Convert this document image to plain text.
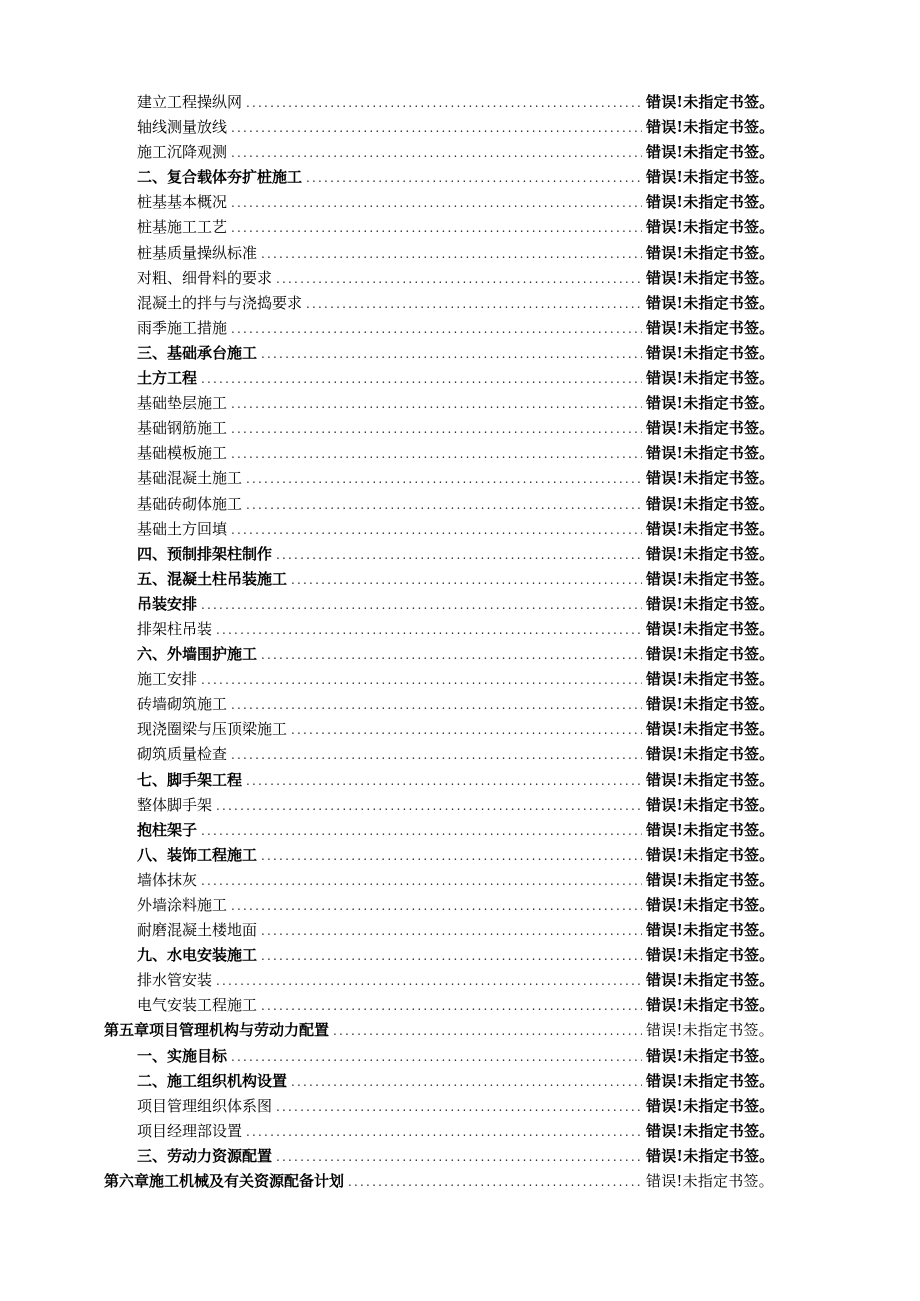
建立工程操纵网 .....	错误!未指定书签。
轴线测量放线 .....	错误!未指定书签。
施工沉降观测 .....	错误!未指定书签。
二、复合载体夯扩桩施工 .....	错误!未指定书签。
桩基基本概况 .....	错误!未指定书签。
桩基施工工艺 .....	错误!未指定书签。
桩基质量操纵标准 .....	错误!未指定书签。
对粗、细骨料的要求 .....	错误!未指定书签。
混凝土的拌与与浇捣要求 .....	错误!未指定书签。
雨季施工措施 .....	错误!未指定书签。
三、基础承台施工 .....	错误!未指定书签。
土方工程 .....	错误!未指定书签。
基础垫层施工 .....	错误!未指定书签。
基础钢筋施工 .....	错误!未指定书签。
基础模板施工 .....	错误!未指定书签。
基础混凝土施工 .....	错误!未指定书签。
基础砖砌体施工 .....	错误!未指定书签。
基础土方回填 .....	错误!未指定书签。
四、预制排架柱制作 .....	错误!未指定书签。
五、混凝土柱吊装施工 .....	错误!未指定书签。
吊装安排 .....	错误!未指定书签。
排架柱吊装 .....	错误!未指定书签。
六、外墙围护施工 .....	错误!未指定书签。
施工安排 .....	错误!未指定书签。
砖墙砌筑施工 .....	错误!未指定书签。
现浇圈梁与压顶梁施工 .....	错误!未指定书签。
砌筑质量检查 .....	错误!未指定书签。
七、脚手架工程 .....	错误!未指定书签。
整体脚手架 .....	错误!未指定书签。
抱柱架子 .....	错误!未指定书签。
八、装饰工程施工 .....	错误!未指定书签。
墙体抹灰 .....	错误!未指定书签。
外墙涂料施工 .....	错误!未指定书签。
耐磨混凝土楼地面 .....	错误!未指定书签。
九、水电安装施工 .....	错误!未指定书签。
排水管安装 .....	错误!未指定书签。
电气安装工程施工 .....	错误!未指定书签。
第五章项目管理机构与劳动力配置 .....	错误!未指定书签。
一、实施目标 .....	错误!未指定书签。
二、施工组织机构设置 .....	错误!未指定书签。
项目管理组织体系图 .....	错误!未指定书签。
项目经理部设置 .....	错误!未指定书签。
三、劳动力资源配置 .....	错误!未指定书签。
第六章施工机械及有关资源配备计划 .....	错误!未指定书签。
